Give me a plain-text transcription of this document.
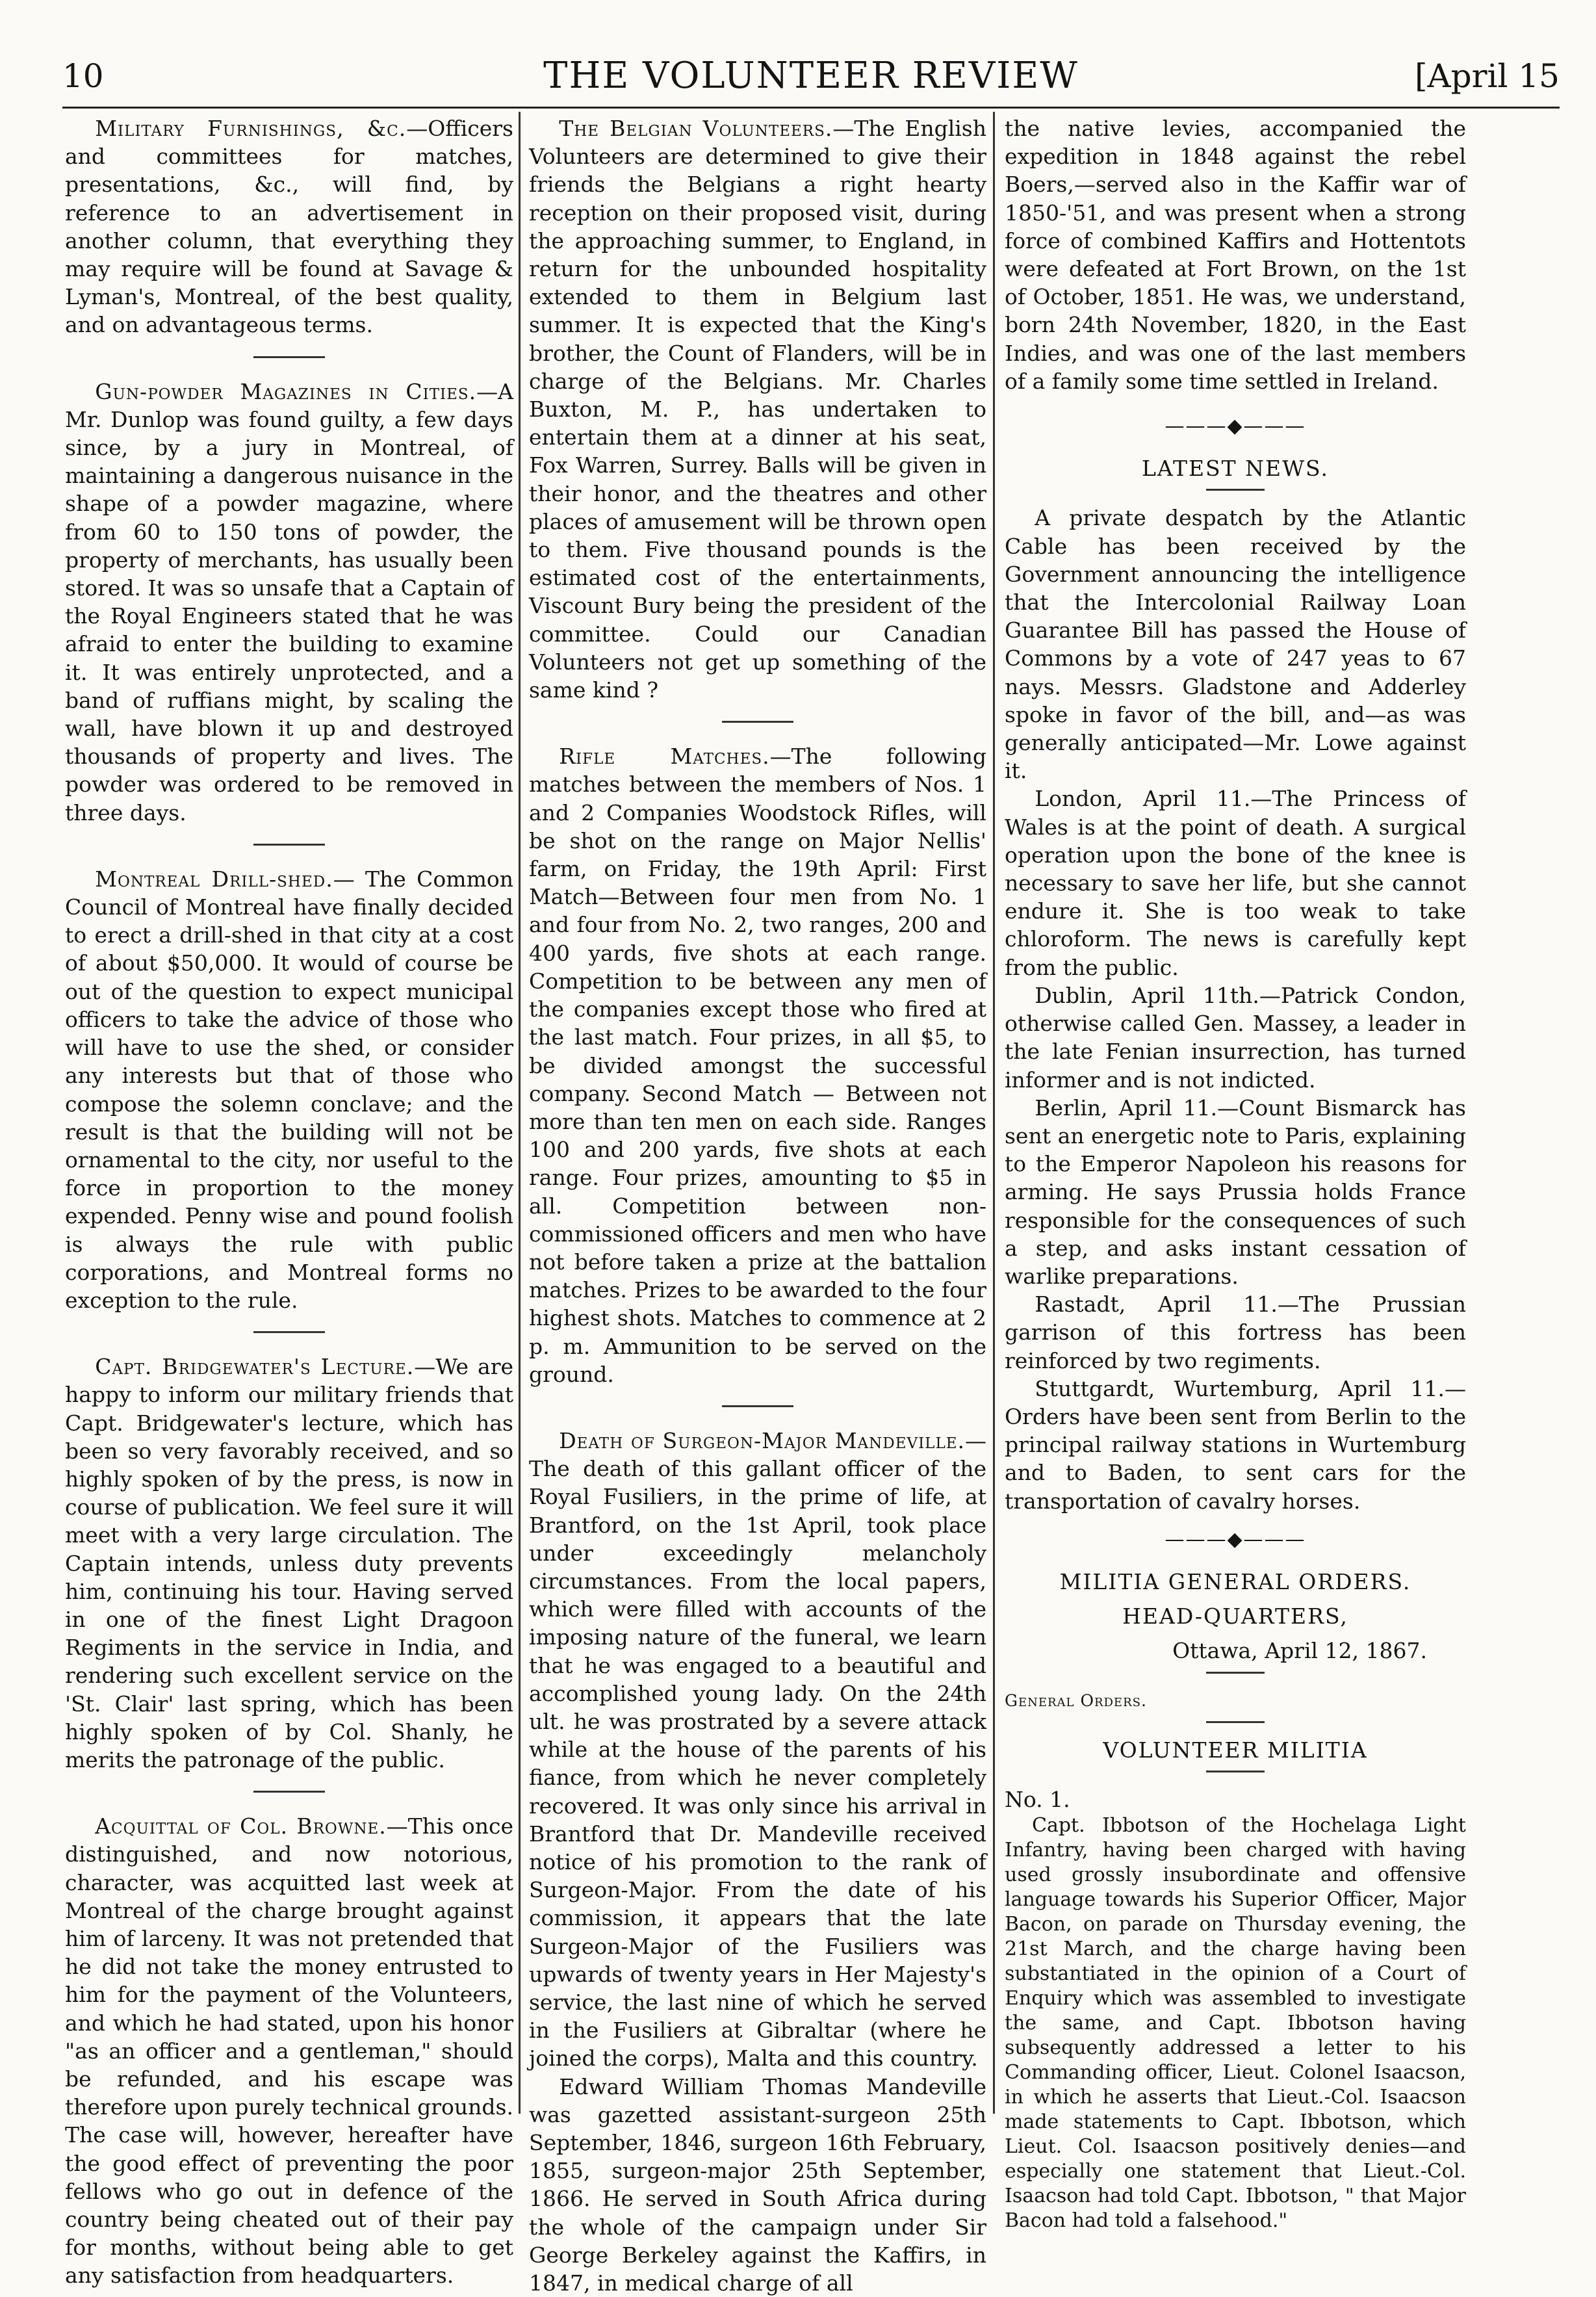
10	THE VOLUNTEER REVIEW	[April 15

Military Furnishings, &c.—Officers and committees for matches, presentations, &c., will find, by reference to an advertisement in another column, that everything they may require will be found at Savage & Lyman's, Montreal, of the best quality, and on advantageous terms.

Gun-powder Magazines in Cities.—A Mr. Dunlop was found guilty, a few days since, by a jury in Montreal, of maintaining a dangerous nuisance in the shape of a powder magazine, where from 60 to 150 tons of powder, the property of merchants, has usually been stored. It was so unsafe that a Captain of the Royal Engineers stated that he was afraid to enter the building to examine it. It was entirely unprotected, and a band of ruffians might, by scaling the wall, have blown it up and destroyed thousands of property and lives. The powder was ordered to be removed in three days.

Montreal Drill-shed.— The Common Council of Montreal have finally decided to erect a drill-shed in that city at a cost of about $50,000. It would of course be out of the question to expect municipal officers to take the advice of those who will have to use the shed, or consider any interests but that of those who compose the solemn conclave; and the result is that the building will not be ornamental to the city, nor useful to the force in proportion to the money expended. Penny wise and pound foolish is always the rule with public corporations, and Montreal forms no exception to the rule.

Capt. Bridgewater's Lecture.—We are happy to inform our military friends that Capt. Bridgewater's lecture, which has been so very favorably received, and so highly spoken of by the press, is now in course of publication. We feel sure it will meet with a very large circulation. The Captain intends, unless duty prevents him, continuing his tour. Having served in one of the finest Light Dragoon Regiments in the service in India, and rendering such excellent service on the 'St. Clair' last spring, which has been highly spoken of by Col. Shanly, he merits the patronage of the public.

Acquittal of Col. Browne.—This once distinguished, and now notorious, character, was acquitted last week at Montreal of the charge brought against him of larceny. It was not pretended that he did not take the money entrusted to him for the payment of the Volunteers, and which he had stated, upon his honor "as an officer and a gentleman," should be refunded, and his escape was therefore upon purely technical grounds. The case will, however, hereafter have the good effect of preventing the poor fellows who go out in defence of the country being cheated out of their pay for months, without being able to get any satisfaction from headquarters.

The Belgian Volunteers.—The English Volunteers are determined to give their friends the Belgians a right hearty reception on their proposed visit, during the approaching summer, to England, in return for the unbounded hospitality extended to them in Belgium last summer. It is expected that the King's brother, the Count of Flanders, will be in charge of the Belgians. Mr. Charles Buxton, M. P., has undertaken to entertain them at a dinner at his seat, Fox Warren, Surrey. Balls will be given in their honor, and the theatres and other places of amusement will be thrown open to them. Five thousand pounds is the estimated cost of the entertainments, Viscount Bury being the president of the committee. Could our Canadian Volunteers not get up something of the same kind ?

Rifle Matches.—The following matches between the members of Nos. 1 and 2 Companies Woodstock Rifles, will be shot on the range on Major Nellis' farm, on Friday, the 19th April: First Match—Between four men from No. 1 and four from No. 2, two ranges, 200 and 400 yards, five shots at each range. Competition to be between any men of the companies except those who fired at the last match. Four prizes, in all $5, to be divided amongst the successful company. Second Match — Between not more than ten men on each side. Ranges 100 and 200 yards, five shots at each range. Four prizes, amounting to $5 in all. Competition between non-commissioned officers and men who have not before taken a prize at the battalion matches. Prizes to be awarded to the four highest shots. Matches to commence at 2 p. m. Ammunition to be served on the ground.

Death of Surgeon-Major Mandeville.— The death of this gallant officer of the Royal Fusiliers, in the prime of life, at Brantford, on the 1st April, took place under exceedingly melancholy circumstances. From the local papers, which were filled with accounts of the imposing nature of the funeral, we learn that he was engaged to a beautiful and accomplished young lady. On the 24th ult. he was prostrated by a severe attack while at the house of the parents of his fiance, from which he never completely recovered. It was only since his arrival in Brantford that Dr. Mandeville received notice of his promotion to the rank of Surgeon-Major. From the date of his commission, it appears that the late Surgeon-Major of the Fusiliers was upwards of twenty years in Her Majesty's service, the last nine of which he served in the Fusiliers at Gibraltar (where he joined the corps), Malta and this country.

Edward William Thomas Mandeville was gazetted assistant-surgeon 25th September, 1846, surgeon 16th February, 1855, surgeon-major 25th September, 1866. He served in South Africa during the whole of the campaign under Sir George Berkeley against the Kaffirs, in 1847, in medical charge of all

the native levies, accompanied the expedition in 1848 against the rebel Boers,—served also in the Kaffir war of 1850-'51, and was present when a strong force of combined Kaffirs and Hottentots were defeated at Fort Brown, on the 1st of October, 1851. He was, we understand, born 24th November, 1820, in the East Indies, and was one of the last members of a family some time settled in Ireland.

———◆———
LATEST NEWS.

A private despatch by the Atlantic Cable has been received by the Government announcing the intelligence that the Intercolonial Railway Loan Guarantee Bill has passed the House of Commons by a vote of 247 yeas to 67 nays. Messrs. Gladstone and Adderley spoke in favor of the bill, and—as was generally anticipated—Mr. Lowe against it.

London, April 11.—The Princess of Wales is at the point of death. A surgical operation upon the bone of the knee is necessary to save her life, but she cannot endure it. She is too weak to take chloroform. The news is carefully kept from the public.

Dublin, April 11th.—Patrick Condon, otherwise called Gen. Massey, a leader in the late Fenian insurrection, has turned informer and is not indicted.

Berlin, April 11.—Count Bismarck has sent an energetic note to Paris, explaining to the Emperor Napoleon his reasons for arming. He says Prussia holds France responsible for the consequences of such a step, and asks instant cessation of warlike preparations.

Rastadt, April 11.—The Prussian garrison of this fortress has been reinforced by two regiments.

Stuttgardt, Wurtemburg, April 11.—Orders have been sent from Berlin to the principal railway stations in Wurtemburg and to Baden, to sent cars for the transportation of cavalry horses.

———◆———
MILITIA GENERAL ORDERS.
HEAD-QUARTERS,
Ottawa, April 12, 1867.
General Orders.
VOLUNTEER MILITIA

No. 1.

Capt. Ibbotson of the Hochelaga Light Infantry, having been charged with having used grossly insubordinate and offensive language towards his Superior Officer, Major Bacon, on parade on Thursday evening, the 21st March, and the charge having been substantiated in the opinion of a Court of Enquiry which was assembled to investigate the same, and Capt. Ibbotson having subsequently addressed a letter to his Commanding officer, Lieut. Colonel Isaacson, in which he asserts that Lieut.-Col. Isaacson made statements to Capt. Ibbotson, which Lieut. Col. Isaacson positively denies—and especially one statement that Lieut.-Col. Isaacson had told Capt. Ibbotson, " that Major Bacon had told a falsehood."
